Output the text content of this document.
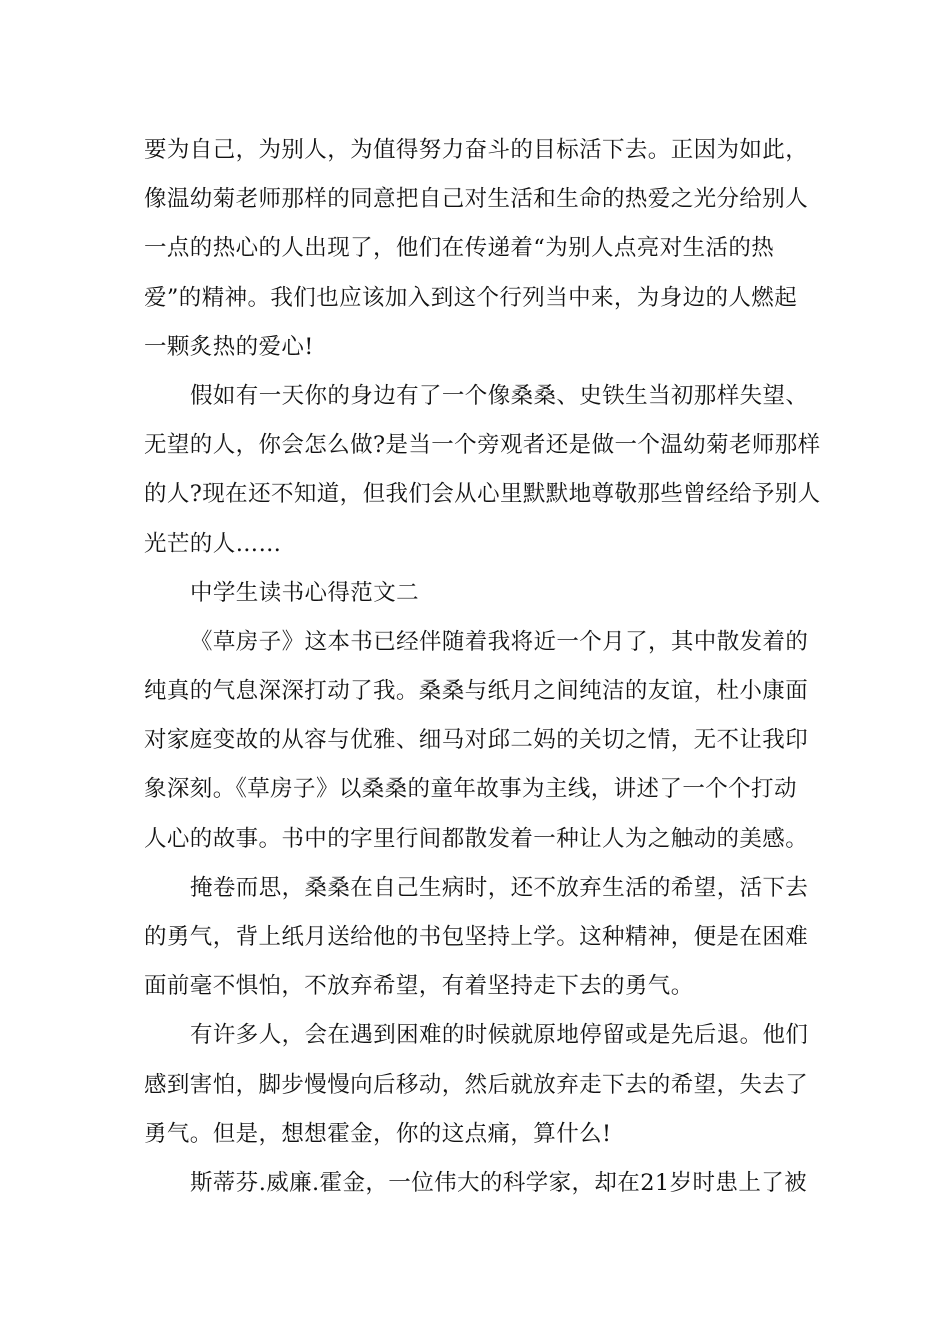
要为自己，为别人，为值得努力奋斗的目标活下去。正因为如此，
像温幼菊老师那样的同意把自己对生活和生命的热爱之光分给别人
一点的热心的人出现了，他们在传递着“为别人点亮对生活的热
爱”的精神。我们也应该加入到这个行列当中来，为身边的人燃起
一颗炙热的爱心!
假如有一天你的身边有了一个像桑桑、史铁生当初那样失望、
无望的人，你会怎么做?是当一个旁观者还是做一个温幼菊老师那样
的人?现在还不知道，但我们会从心里默默地尊敬那些曾经给予别人
光芒的人……
中学生读书心得范文二
《草房子》这本书已经伴随着我将近一个月了，其中散发着的
纯真的气息深深打动了我。桑桑与纸月之间纯洁的友谊，杜小康面
对家庭变故的从容与优雅、细马对邱二妈的关切之情，无不让我印
象深刻。《草房子》以桑桑的童年故事为主线，讲述了一个个打动
人心的故事。书中的字里行间都散发着一种让人为之触动的美感。
掩卷而思，桑桑在自己生病时，还不放弃生活的希望，活下去
的勇气，背上纸月送给他的书包坚持上学。这种精神，便是在困难
面前毫不惧怕，不放弃希望，有着坚持走下去的勇气。
有许多人，会在遇到困难的时候就原地停留或是先后退。他们
感到害怕，脚步慢慢向后移动，然后就放弃走下去的希望，失去了
勇气。但是，想想霍金，你的这点痛，算什么!
斯蒂芬.威廉.霍金，一位伟大的科学家，却在21岁时患上了被
